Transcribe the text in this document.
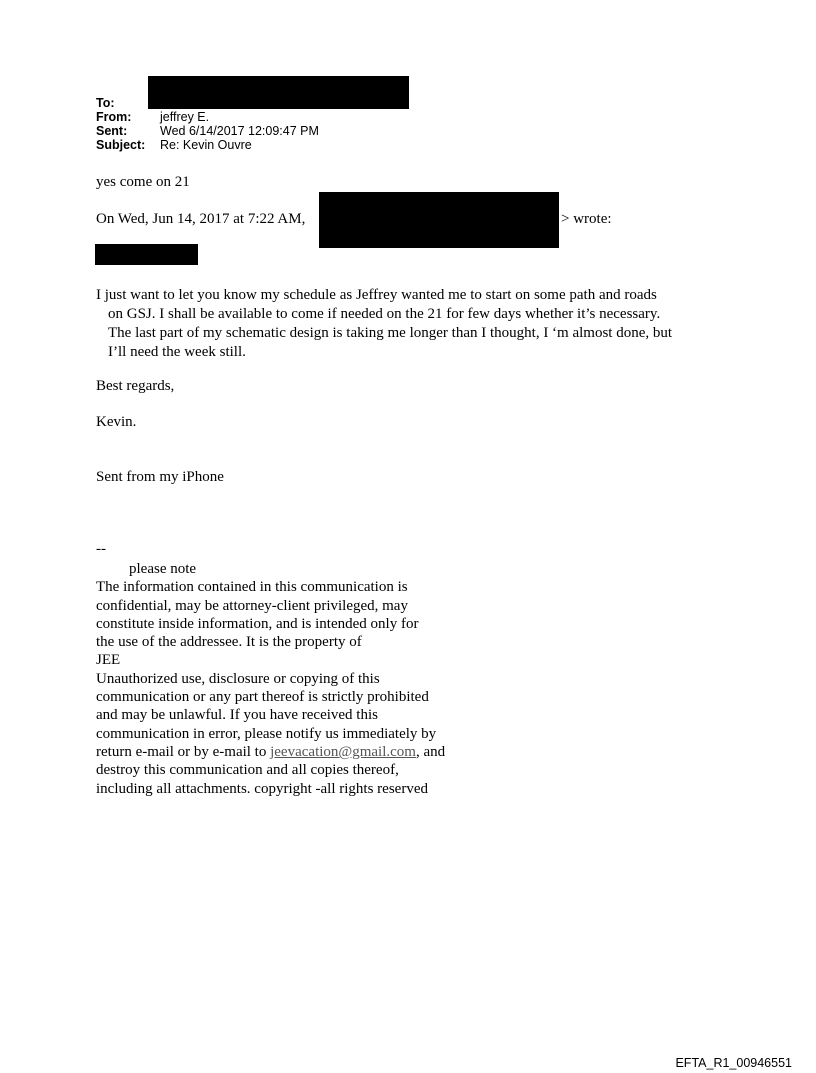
To:
From: jeffrey E.
Sent:	Wed 6/14/2017 12:09:47 PM
Subject: Re: Kevin Ouvre
yes come on 21
On Wed, Jun 14, 2017 at 7:22 AM,	> wrote:
I just want to let you know my schedule as Jeffrey wanted me to start on some path and roads
on GSJ. I shall be available to come if needed on the 21 for few days whether it’s necessary.
The last part of my schematic design is taking me longer than I thought, I ‘m almost done, but
I’ll need the week still.
Best regards,
Kevin.
Sent from my iPhone
--
please note
The information contained in this communication is
confidential, may be attorney-client privileged, may
constitute inside information, and is intended only for
the use of the addressee. It is the property of
JEE
Unauthorized use, disclosure or copying of this
communication or any part thereof is strictly prohibited
and may be unlawful. If you have received this
communication in error, please notify us immediately by
return e-mail or by e-mail to jeevacation@gmail.com, and
destroy this communication and all copies thereof,
including all attachments. copyright -all rights reserved
EFTA_R1_00946551
